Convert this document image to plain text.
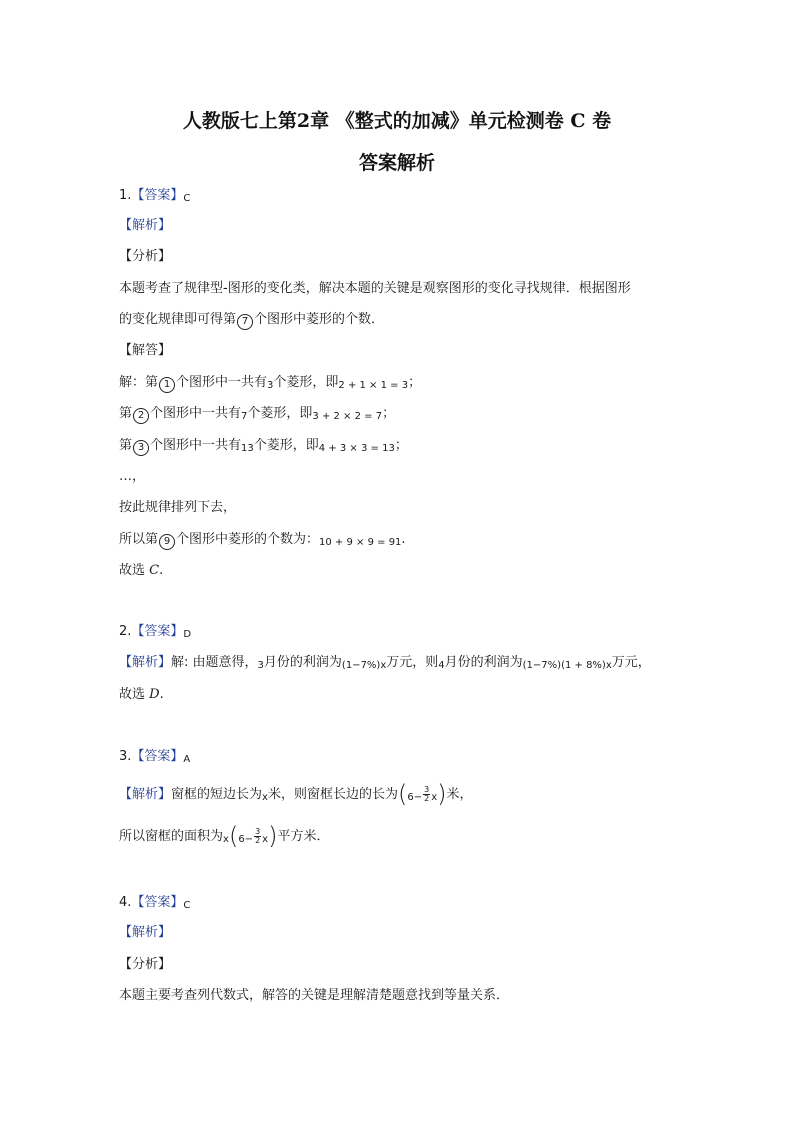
人教版七上第2章 《整式的加减》单元检测卷 C 卷
答案解析
1.【答案】C
【解析】
【分析】
本题考查了规律型-图形的变化类，解决本题的关键是观察图形的变化寻找规律．根据图形
的变化规律即可得第 7 个图形中菱形的个数．
【解答】
解：第 1 个图形中一共有3个菱形，即2 + 1 × 1 = 3；
第 2 个图形中一共有7个菱形，即3 + 2 × 2 = 7；
第 3 个图形中一共有13个菱形，即4 + 3 × 3 = 13；
…，
按此规律排列下去，
所以第 9 个图形中菱形的个数为：10 + 9 × 9 = 91.
故选 C.
2.【答案】D
【解析】解: 由题意得，3月份的利润为(1−7%)x万元，则4月份的利润为(1−7%)(1 + 8%)x万元，
故选 D.
3.【答案】A
【解析】窗框的短边长为x米，则窗框长边的长为$(6- \frac{3}{2} x)$米，
所以窗框的面积为$x(6- \frac{3}{2} x)$平方米．
4.【答案】C
【解析】
【分析】
本题主要考查列代数式，解答的关键是理解清楚题意找到等量关系．
